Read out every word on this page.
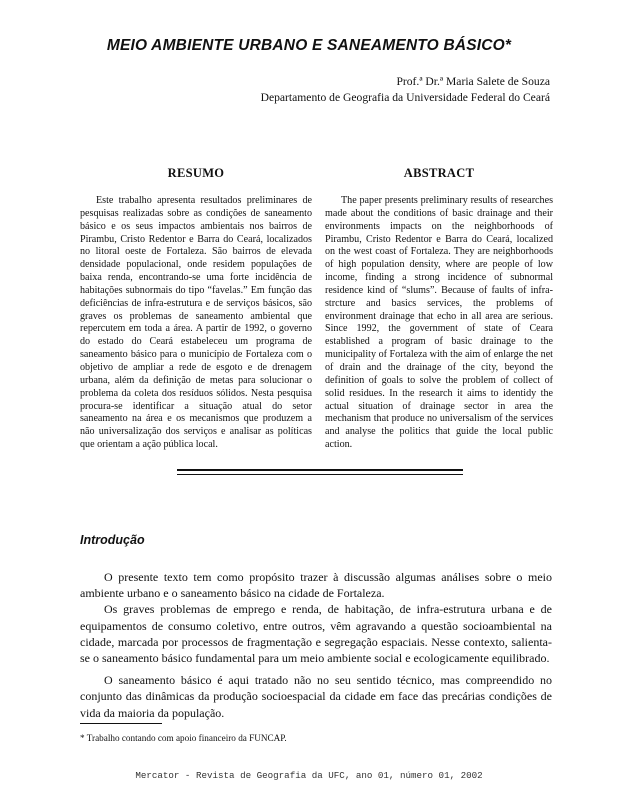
MEIO AMBIENTE URBANO E SANEAMENTO BÁSICO*
Prof.ª Dr.ª Maria Salete de Souza
Departamento de Geografia da Universidade Federal do Ceará
RESUMO	ABSTRACT

Este trabalho apresenta resultados preliminares de pesquisas realizadas sobre as condições de saneamento básico e os seus impactos ambientais nos bairros de Pirambu, Cristo Redentor e Barra do Ceará, localizados no litoral oeste de Fortaleza. São bairros de elevada densidade populacional, onde residem populações de baixa renda, encontrando-se uma forte incidência de habitações subnormais do tipo “favelas.” Em função das deficiências de infra-estrutura e de serviços básicos, são graves os problemas de saneamento ambiental que repercutem em toda a área. A partir de 1992, o governo do estado do Ceará estabeleceu um programa de saneamento básico para o município de Fortaleza com o objetivo de ampliar a rede de esgoto e de drenagem urbana, além da definição de metas para solucionar o problema da coleta dos resíduos sólidos. Nesta pesquisa procura-se identificar a situação atual do setor saneamento na área e os mecanismos que produzem a não universalização dos serviços e analisar as políticas que orientam a ação pública local.

The paper presents preliminary results of researches made about the conditions of basic drainage and their environments impacts on the neighborhoods of Pirambu, Cristo Redentor e Barra do Ceará, localized on the west coast of Fortaleza. They are neighborhoods of high population density, where are people of low income, finding a strong incidence of subnormal residence kind of “slums”. Because of faults of infra-strcture and basics services, the problems of environment drainage that echo in all area are serious. Since 1992, the government of state of Ceara established a program of basic drainage to the municipality of Fortaleza with the aim of enlarge the net of drain and the drainage of the city, beyond the definition of goals to solve the problem of collect of solid residues. In the research it aims to identidy the actual situation of drainage sector in area the mechanism that produce no universalism of the services and analyse the politics that guide the local public action.

Introdução

O presente texto tem como propósito trazer à discussão algumas análises sobre o meio ambiente urbano e o saneamento básico na cidade de Fortaleza.

Os graves problemas de emprego e renda, de habitação, de infra-estrutura urbana e de equipamentos de consumo coletivo, entre outros, vêm agravando a questão socioambiental na cidade, marcada por processos de fragmentação e segregação espaciais. Nesse contexto, salienta-se o saneamento básico fundamental para um meio ambiente social e ecologicamente equilibrado.

O saneamento básico é aqui tratado não no seu sentido técnico, mas compreendido no conjunto das dinâmicas da produção socioespacial da cidade em face das precárias condições de vida da maioria da população.

* Trabalho contando com apoio financeiro da FUNCAP.
Mercator - Revista de Geografia da UFC, ano 01, número 01, 2002
